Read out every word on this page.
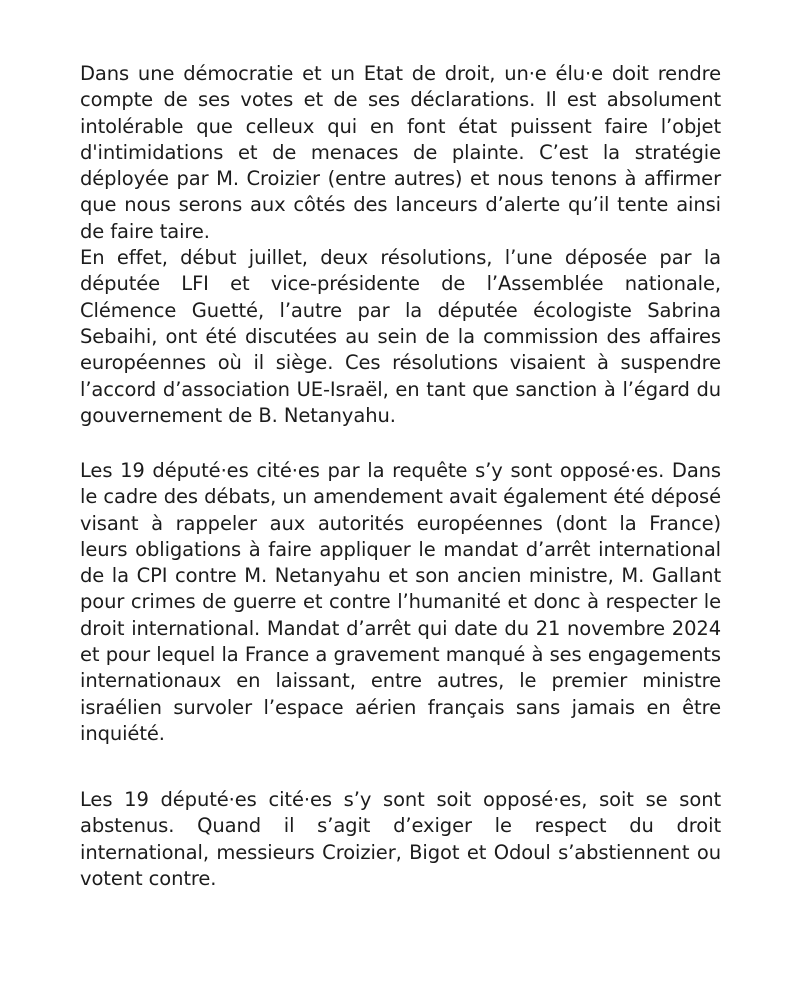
Dans une démocratie et un Etat de droit, un·e élu·e doit rendre compte de ses votes et de ses déclarations. Il est absolument intolérable que celleux qui en font état puissent faire l’objet d'intimidations et de menaces de plainte. C’est la stratégie déployée par M. Croizier (entre autres) et nous tenons à affirmer que nous serons aux côtés des lanceurs d’alerte qu’il tente ainsi de faire taire.

En effet, début juillet, deux résolutions, l’une déposée par la députée LFI et vice-présidente de l’Assemblée nationale, Clémence Guetté, l’autre par la députée écologiste Sabrina Sebaihi, ont été discutées au sein de la commission des affaires européennes où il siège. Ces résolutions visaient à suspendre l’accord d’association UE-Israël, en tant que sanction à l’égard du gouvernement de B. Netanyahu.

Les 19 député·es cité·es par la requête s’y sont opposé·es. Dans le cadre des débats, un amendement avait également été déposé visant à rappeler aux autorités européennes (dont la France) leurs obligations à faire appliquer le mandat d’arrêt international de la CPI contre M. Netanyahu et son ancien ministre, M. Gallant pour crimes de guerre et contre l’humanité et donc à respecter le droit international. Mandat d’arrêt qui date du 21 novembre 2024 et pour lequel la France a gravement manqué à ses engagements internationaux en laissant, entre autres, le premier ministre israélien survoler l’espace aérien français sans jamais en être inquiété.

Les 19 député·es cité·es s’y sont soit opposé·es, soit se sont abstenus. Quand il s’agit d’exiger le respect du droit international, messieurs Croizier, Bigot et Odoul s’abstiennent ou votent contre.
